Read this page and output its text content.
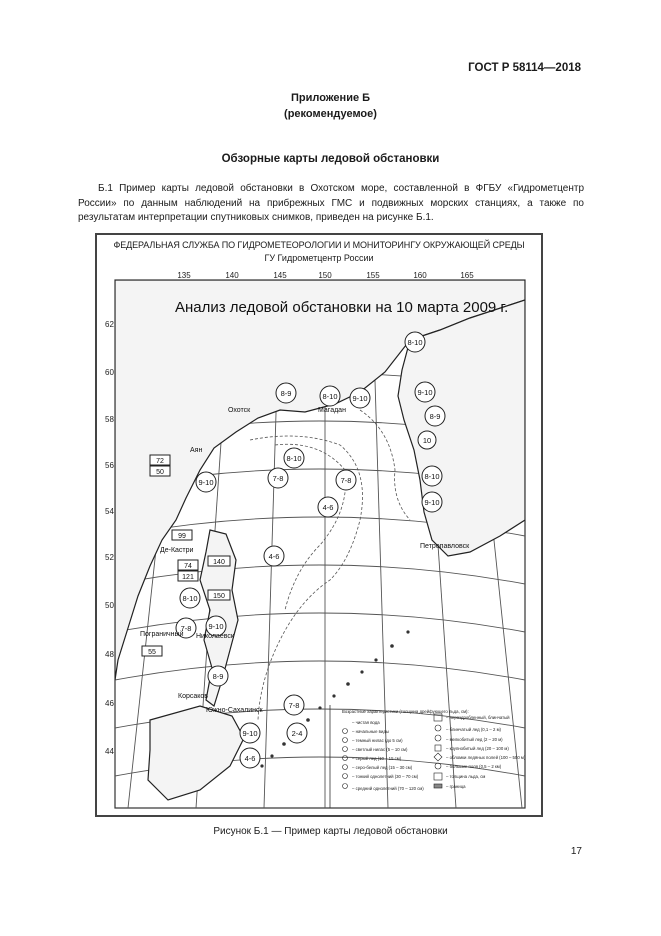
ГОСТ Р 58114—2018
Приложение Б
(рекомендуемое)
Обзорные карты ледовой обстановки
Б.1 Пример карты ледовой обстановки в Охотском море, составленной в ФГБУ «Гидрометцентр России» по данным наблюдений на прибрежных ГМС и подвижных морских станциях, а также по результатам интерпретации спутниковых снимков, приведен на рисунке Б.1.
ФЕДЕРАЛЬНАЯ СЛУЖБА ПО ГИДРОМЕТЕОРОЛОГИИ И МОНИТОРИНГУ ОКРУЖАЮЩЕЙ СРЕДЫ
ГУ Гидрометцентр России
62
60
58
56
54
52
50
48
46
44
135	140	145	150	155	160	165
Анализ ледовой обстановки на 10 марта 2009 г.
8-10
8-9
9-10
8-10	9-10
8-9
10
8-10
9-10
7-8
7-8
8-10
4-6
9-10
8-10
7-8
4-6
9-10
8-9
7-8
9-10	2-4
4-6
Охотск	Магадан
Аян
Де-Кастри
Николаевск
Южно-Сахалинск
Корсаков
Пограничный
Петропавловск
72
50
99
74
121
140
150
55
Возрастные характеристики (толщина дрейфующего льда, см):
– чистая вода
– начальные виды
– темный нилас (до 5 см)
– светлый нилас (5 – 10 см)
– серый лед (10 – 15 см)
– серо-белый лед (15 – 30 см)
– тонкий однолетний (30 – 70 см)
– средний однолетний (70 – 120 см)
– нераздробленный, блинчатый
– блинчатый лед (0,1 – 2 м)
– мелкобитый лед (2 – 20 м)
– крупнобитый лед (20 – 100 м)
– обломки ледяных полей (100 – 500 м)
– большие поля (0,5 – 2 км)
– толщина льда, см
– граница
Рисунок Б.1 — Пример карты ледовой обстановки
17
